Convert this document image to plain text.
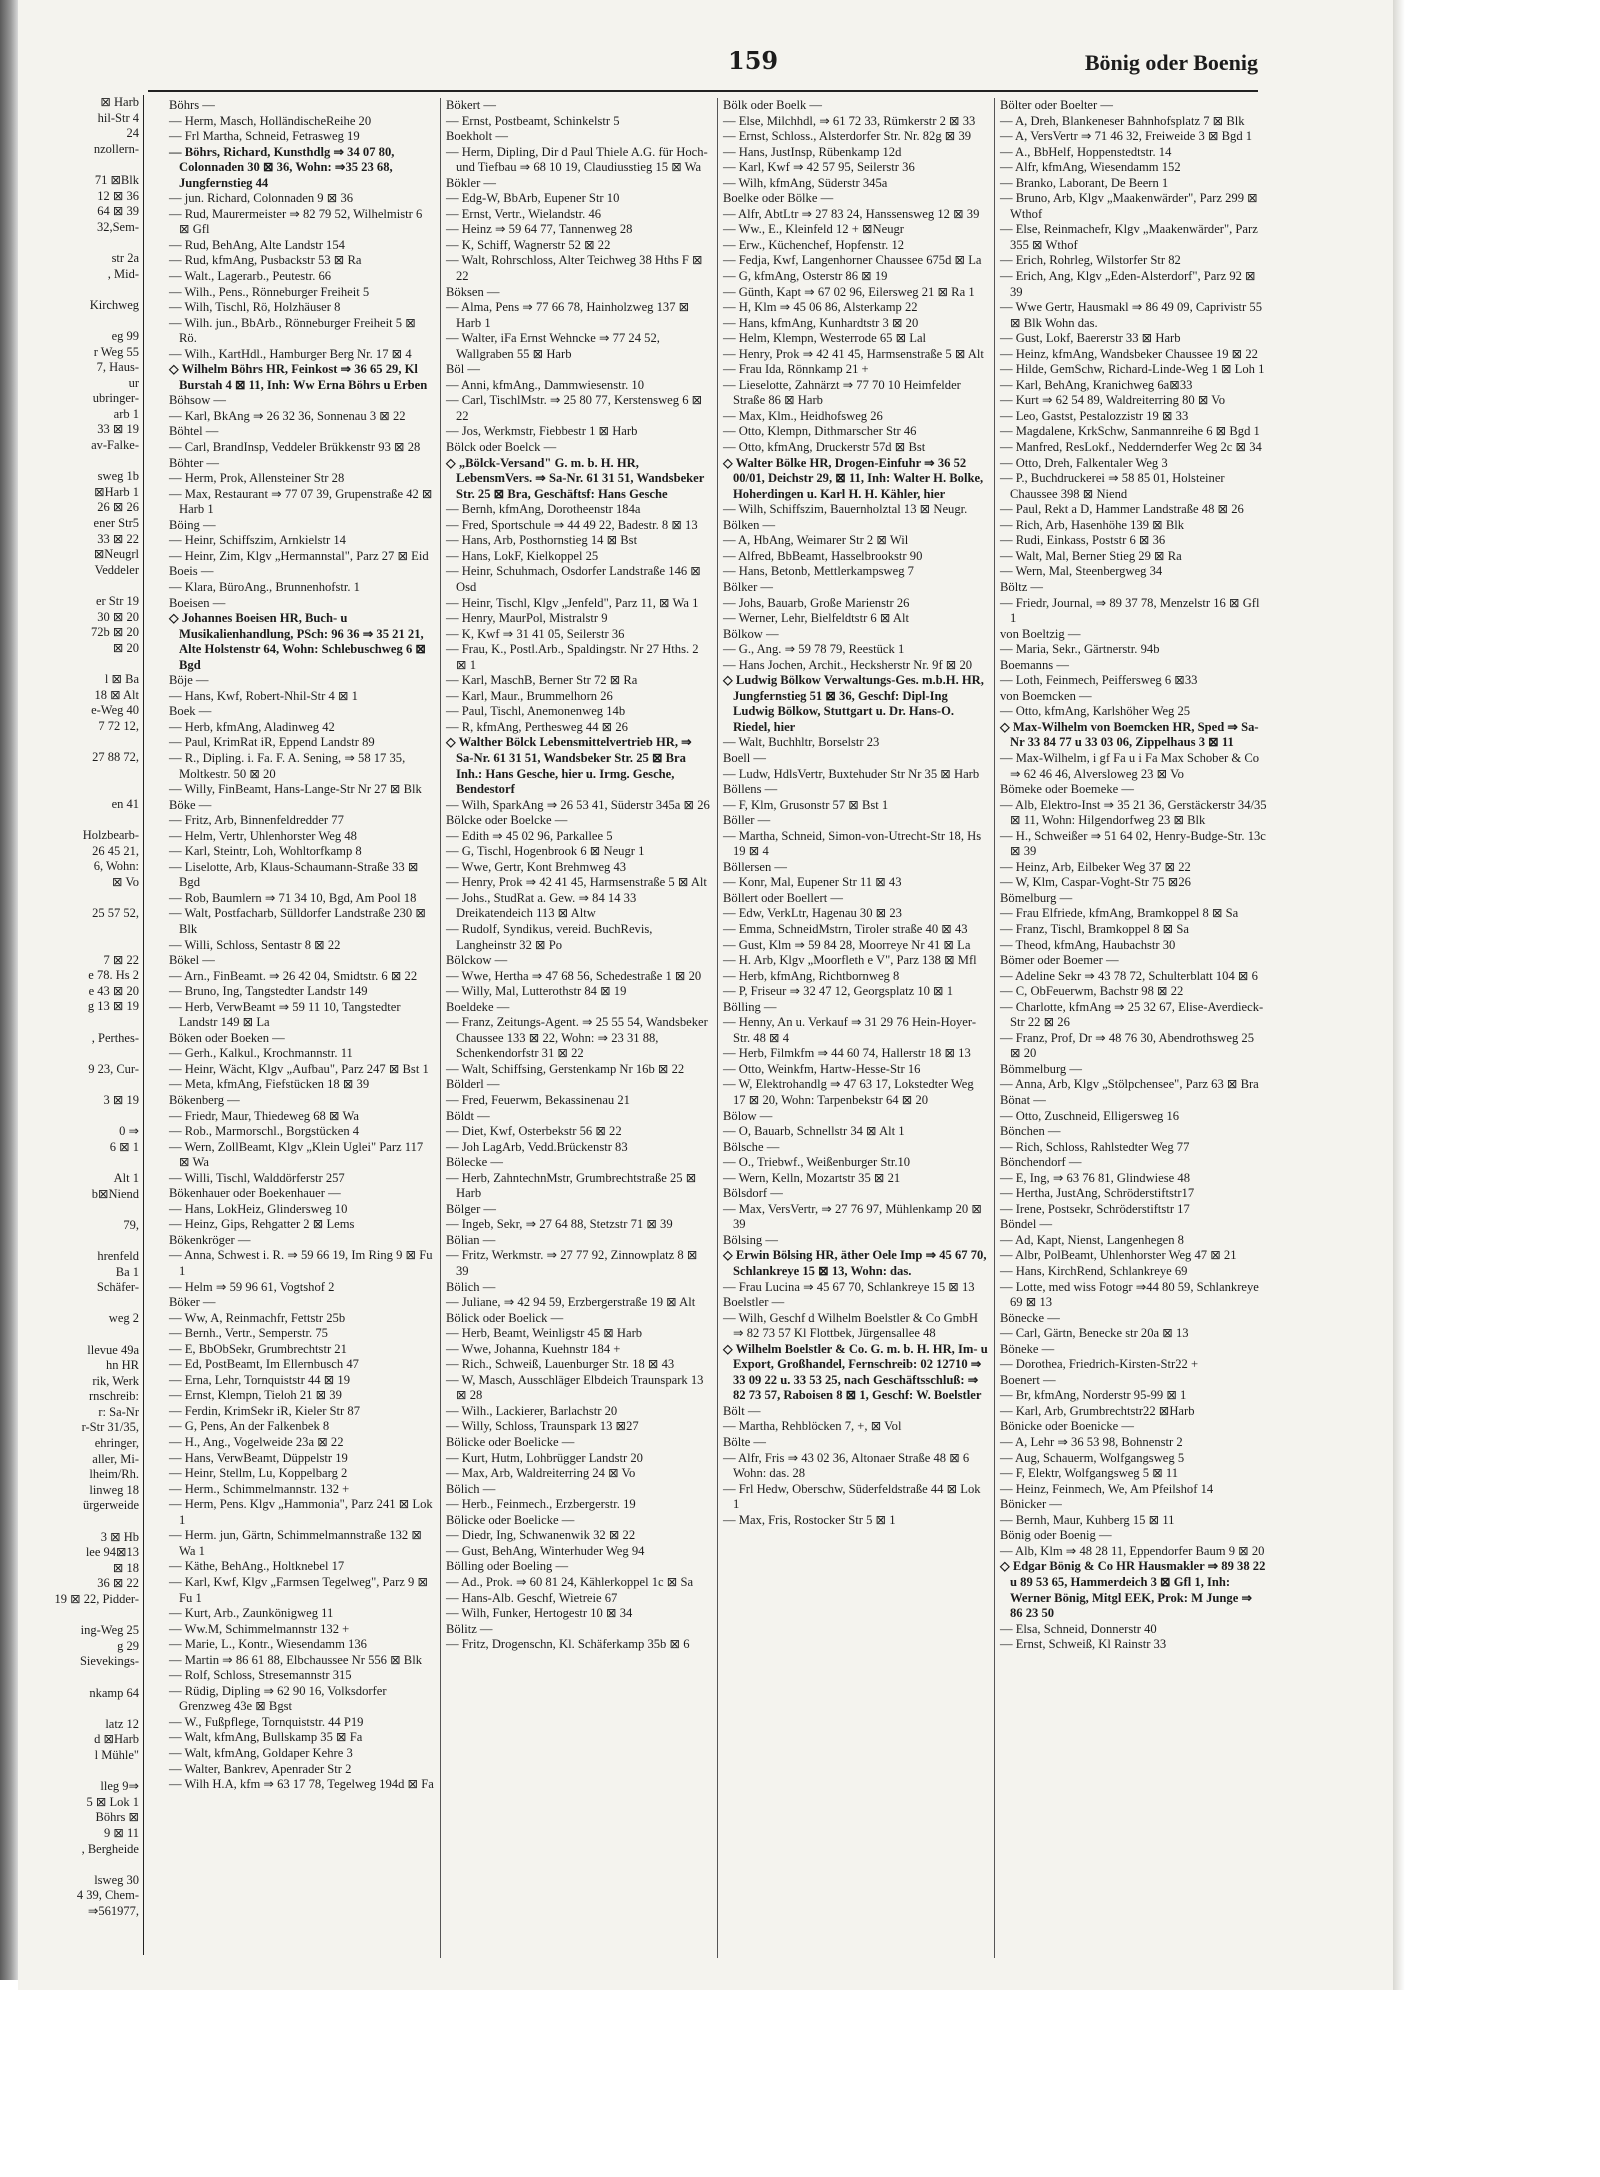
⊠ Harb
hil-Str 4
24
nzollern-

71 ⊠Blk
12 ⊠ 36
64 ⊠ 39
32,Sem-

str 2a
, Mid-

Kirchweg

eg 99
r Weg 55
7, Haus-
ur
ubringer-
arb 1
33 ⊠ 19
av-Falke-

sweg 1b
⊠Harb 1
26 ⊠ 26
ener Str5
33 ⊠ 22
⊠Neugrl
Veddeler

er Str 19
30 ⊠ 20
72b ⊠ 20
⊠ 20

l ⊠ Ba
18 ⊠ Alt
e-Weg 40
7 72 12,

27 88 72,

en 41

Holzbearb-
26 45 21,
6, Wohn:
⊠ Vo

25 57 52,

7 ⊠ 22
e 78. Hs 2
e 43 ⊠ 20
g 13 ⊠ 19

, Perthes-

9 23, Cur-

3 ⊠ 19

0 ⇒
6 ⊠ 1

Alt 1
b⊠Niend

79,

hrenfeld
Ba 1
Schäfer-

weg 2

llevue 49a
hn HR
rik, Werk
rnschreib:
r: Sa-Nr
r-Str 31/35,
ehringer,
aller, Mi-
lheim/Rh.
linweg 18
ürgerweide

3 ⊠ Hb
lee 94⊠13
⊠ 18
36 ⊠ 22
19 ⊠ 22, Pidder-

ing-Weg 25
g 29
Sievekings-

nkamp 64

latz 12
d ⊠Harb
l Mühle"

lleg 9⇒
5 ⊠ Lok 1
Böhrs ⊠
9 ⊠ 11
, Bergheide

lsweg 30
4 39, Chem-
⇒561977,
159	Bönig oder Boenig
Böhrs —
— Herm, Masch, HolländischeReihe 20
— Frl Martha, Schneid, Fetrasweg 19
— Böhrs, Richard, Kunsthdlg ⇒ 34 07 80, Colonnaden 30 ⊠ 36, Wohn: ⇒35 23 68, Jungfernstieg 44
— jun. Richard, Colonnaden 9 ⊠ 36
— Rud, Maurermeister ⇒ 82 79 52, Wilhelmistr 6 ⊠ Gfl
— Rud, BehAng, Alte Landstr 154
— Rud, kfmAng, Pusbackstr 53 ⊠ Ra
— Walt., Lagerarb., Peutestr. 66
— Wilh., Pens., Rönneburger Freiheit 5
— Wilh, Tischl, Rö, Holzhäuser 8
— Wilh. jun., BbArb., Rönneburger Freiheit 5 ⊠ Rö.
— Wilh., KartHdl., Hamburger Berg Nr. 17 ⊠ 4
◇ Wilhelm Böhrs HR, Feinkost ⇒ 36 65 29, Kl Burstah 4 ⊠ 11, Inh: Ww Erna Böhrs u Erben
Böhsow —
— Karl, BkAng ⇒ 26 32 36, Sonnenau 3 ⊠ 22
Böhtel —
— Carl, BrandInsp, Veddeler Brükkenstr 93 ⊠ 28
Böhter —
— Herm, Prok, Allensteiner Str 28
— Max, Restaurant ⇒ 77 07 39, Grupenstraße 42 ⊠ Harb 1
Böing —
— Heinr, Schiffszim, Arnkielstr 14
— Heinr, Zim, Klgv „Hermannstal", Parz 27 ⊠ Eid
Boeis —
— Klara, BüroAng., Brunnenhofstr. 1
Boeisen —
◇ Johannes Boeisen HR, Buch- u Musikalienhandlung, PSch: 96 36 ⇒ 35 21 21, Alte Holstenstr 64, Wohn: Schlebuschweg 6 ⊠ Bgd
Böje —
— Hans, Kwf, Robert-Nhil-Str 4 ⊠ 1
Boek —
— Herb, kfmAng, Aladinweg 42
— Paul, KrimRat iR, Eppend Landstr 89
— R., Dipling. i. Fa. F. A. Sening, ⇒ 58 17 35, Moltkestr. 50 ⊠ 20
— Willy, FinBeamt, Hans-Lange-Str Nr 27 ⊠ Blk
Böke —
— Fritz, Arb, Binnenfeldredder 77
— Helm, Vertr, Uhlenhorster Weg 48
— Karl, Steintr, Loh, Wohltorfkamp 8
— Liselotte, Arb, Klaus-Schaumann-Straße 33 ⊠ Bgd
— Rob, Baumlern ⇒ 71 34 10, Bgd, Am Pool 18
— Walt, Postfacharb, Sülldorfer Landstraße 230 ⊠ Blk
— Willi, Schloss, Sentastr 8 ⊠ 22
Bökel —
— Arn., FinBeamt. ⇒ 26 42 04, Smidtstr. 6 ⊠ 22
— Bruno, Ing, Tangstedter Landstr 149
— Herb, VerwBeamt ⇒ 59 11 10, Tangstedter Landstr 149 ⊠ La
Böken oder Boeken —
— Gerh., Kalkul., Krochmannstr. 11
— Heinr, Wächt, Klgv „Aufbau", Parz 247 ⊠ Bst 1
— Meta, kfmAng, Fiefstücken 18 ⊠ 39
Bökenberg —
— Friedr, Maur, Thiedeweg 68 ⊠ Wa
— Rob., Marmorschl., Borgstücken 4
— Wern, ZollBeamt, Klgv „Klein Uglei" Parz 117 ⊠ Wa
— Willi, Tischl, Walddörferstr 257
Bökenhauer oder Boekenhauer —
— Hans, LokHeiz, Glindersweg 10
— Heinz, Gips, Rehgatter 2 ⊠ Lems
Bökenkröger —
— Anna, Schwest i. R. ⇒ 59 66 19, Im Ring 9 ⊠ Fu 1
— Helm ⇒ 59 96 61, Vogtshof 2
Böker —
— Ww, A, Reinmachfr, Fettstr 25b
— Bernh., Vertr., Semperstr. 75
— E, BbObSekr, Grumbrechtstr 21
— Ed, PostBeamt, Im Ellernbusch 47
— Erna, Lehr, Tornquiststr 44 ⊠ 19
— Ernst, Klempn, Tieloh 21 ⊠ 39
— Ferdin, KrimSekr iR, Kieler Str 87
— G, Pens, An der Falkenbek 8
— H., Ang., Vogelweide 23a ⊠ 22
— Hans, VerwBeamt, Düppelstr 19
— Heinr, Stellm, Lu, Koppelbarg 2
— Herm., Schimmelmannstr. 132 +
— Herm, Pens. Klgv „Hammonia", Parz 241 ⊠ Lok 1
— Herm. jun, Gärtn, Schimmelmannstraße 132 ⊠ Wa 1
— Käthe, BehAng., Holtknebel 17
— Karl, Kwf, Klgv „Farmsen Tegelweg", Parz 9 ⊠ Fu 1
— Kurt, Arb., Zaunkönigweg 11
— Ww.M, Schimmelmannstr 132 +
— Marie, L., Kontr., Wiesendamm 136
— Martin ⇒ 86 61 88, Elbchaussee Nr 556 ⊠ Blk
— Rolf, Schloss, Stresemannstr 315
— Rüdig, Dipling ⇒ 62 90 16, Volksdorfer Grenzweg 43e ⊠ Bgst
— W., Fußpflege, Tornquiststr. 44 P19
— Walt, kfmAng, Bullskamp 35 ⊠ Fa
— Walt, kfmAng, Goldaper Kehre 3
— Walter, Bankrev, Apenrader Str 2
— Wilh H.A, kfm ⇒ 63 17 78, Tegelweg 194d ⊠ Fa
Bökert —
— Ernst, Postbeamt, Schinkelstr 5
Boekholt —
— Herm, Dipling, Dir d Paul Thiele A.G. für Hoch- und Tiefbau ⇒ 68 10 19, Claudiusstieg 15 ⊠ Wa
Bökler —
— Edg-W, BbArb, Eupener Str 10
— Ernst, Vertr., Wielandstr. 46
— Heinz ⇒ 59 64 77, Tannenweg 28
— K, Schiff, Wagnerstr 52 ⊠ 22
— Walt, Rohrschloss, Alter Teichweg 38 Hths F ⊠ 22
Böksen —
— Alma, Pens ⇒ 77 66 78, Hainholzweg 137 ⊠ Harb 1
— Walter, iFa Ernst Wehncke ⇒ 77 24 52, Wallgraben 55 ⊠ Harb
Böl —
— Anni, kfmAng., Dammwiesenstr. 10
— Carl, TischlMstr. ⇒ 25 80 77, Kerstensweg 6 ⊠ 22
— Jos, Werkmstr, Fiebbestr 1 ⊠ Harb
Bölck oder Boelck —
◇ „Bölck-Versand" G. m. b. H. HR, LebensmVers. ⇒ Sa-Nr. 61 31 51, Wandsbeker Str. 25 ⊠ Bra, Geschäftsf: Hans Gesche
— Bernh, kfmAng, Dorotheenstr 184a
— Fred, Sportschule ⇒ 44 49 22, Badestr. 8 ⊠ 13
— Hans, Arb, Posthornstieg 14 ⊠ Bst
— Hans, LokF, Kielkoppel 25
— Heinr, Schuhmach, Osdorfer Landstraße 146 ⊠ Osd
— Heinr, Tischl, Klgv „Jenfeld", Parz 11, ⊠ Wa 1
— Henry, MaurPol, Mistralstr 9
— K, Kwf ⇒ 31 41 05, Seilerstr 36
— Frau, K., Postl.Arb., Spaldingstr. Nr 27 Hths. 2 ⊠ 1
— Karl, MaschB, Berner Str 72 ⊠ Ra
— Karl, Maur., Brummelhorn 26
— Paul, Tischl, Anemonenweg 14b
— R, kfmAng, Perthesweg 44 ⊠ 26
◇ Walther Bölck Lebensmittelvertrieb HR, ⇒ Sa-Nr. 61 31 51, Wandsbeker Str. 25 ⊠ Bra Inh.: Hans Gesche, hier u. Irmg. Gesche, Bendestorf
— Wilh, SparkAng ⇒ 26 53 41, Süderstr 345a ⊠ 26
Bölcke oder Boelcke —
— Edith ⇒ 45 02 96, Parkallee 5
— G, Tischl, Hogenbrook 6 ⊠ Neugr 1
— Wwe, Gertr, Kont Brehmweg 43
— Henry, Prok ⇒ 42 41 45, Harmsenstraße 5 ⊠ Alt
— Johs., StudRat a. Gew. ⇒ 84 14 33 Dreikatendeich 113 ⊠ Altw
— Rudolf, Syndikus, vereid. BuchRevis, Langheinstr 32 ⊠ Po
Bölckow —
— Wwe, Hertha ⇒ 47 68 56, Schedestraße 1 ⊠ 20
— Willy, Mal, Lutterothstr 84 ⊠ 19
Boeldeke —
— Franz, Zeitungs-Agent. ⇒ 25 55 54, Wandsbeker Chaussee 133 ⊠ 22, Wohn: ⇒ 23 31 88, Schenkendorfstr 31 ⊠ 22
— Walt, Schiffsing, Gerstenkamp Nr 16b ⊠ 22
Bölderl —
— Fred, Feuerwm, Bekassinenau 21
Böldt —
— Diet, Kwf, Osterbekstr 56 ⊠ 22
— Joh LagArb, Vedd.Brückenstr 83
Bölecke —
— Herb, ZahntechnMstr, Grumbrechtstraße 25 ⊠ Harb
Bölger —
— Ingeb, Sekr, ⇒ 27 64 88, Stetzstr 71 ⊠ 39
Bölian —
— Fritz, Werkmstr. ⇒ 27 77 92, Zinnowplatz 8 ⊠ 39
Bölich —
— Juliane, ⇒ 42 94 59, Erzbergerstraße 19 ⊠ Alt
Bölick oder Boelick —
— Herb, Beamt, Weinligstr 45 ⊠ Harb
— Wwe, Johanna, Kuehnstr 184 +
— Rich., Schweiß, Lauenburger Str. 18 ⊠ 43
— W, Masch, Ausschläger Elbdeich Traunspark 13 ⊠ 28
— Wilh., Lackierer, Barlachstr 20
— Willy, Schloss, Traunspark 13 ⊠27
Bölicke oder Boelicke —
— Kurt, Hutm, Lohbrügger Landstr 20
— Max, Arb, Waldreiterring 24 ⊠ Vo
Bölich —
— Herb., Feinmech., Erzbergerstr. 19
Bölicke oder Boelicke —
— Diedr, Ing, Schwanenwik 32 ⊠ 22
— Gust, BehAng, Winterhuder Weg 94
Bölling oder Boeling —
— Ad., Prok. ⇒ 60 81 24, Kählerkoppel 1c ⊠ Sa
— Hans-Alb. Geschf, Wietreie 67
— Wilh, Funker, Hertogestr 10 ⊠ 34
Bölitz —
— Fritz, Drogenschn, Kl. Schäferkamp 35b ⊠ 6
Bölk oder Boelk —
— Else, Milchhdl, ⇒ 61 72 33, Rümkerstr 2 ⊠ 33
— Ernst, Schloss., Alsterdorfer Str. Nr. 82g ⊠ 39
— Hans, JustInsp, Rübenkamp 12d
— Karl, Kwf ⇒ 42 57 95, Seilerstr 36
— Wilh, kfmAng, Süderstr 345a
Boelke oder Bölke —
— Alfr, AbtLtr ⇒ 27 83 24, Hanssensweg 12 ⊠ 39
— Ww., E., Kleinfeld 12 + ⊠Neugr
— Erw., Küchenchef, Hopfenstr. 12
— Fedja, Kwf, Langenhorner Chaussee 675d ⊠ La
— G, kfmAng, Osterstr 86 ⊠ 19
— Günth, Kapt ⇒ 67 02 96, Eilersweg 21 ⊠ Ra 1
— H, Klm ⇒ 45 06 86, Alsterkamp 22
— Hans, kfmAng, Kunhardtstr 3 ⊠ 20
— Helm, Klempn, Westerrode 65 ⊠ Lal
— Henry, Prok ⇒ 42 41 45, Harmsenstraße 5 ⊠ Alt
— Frau Ida, Rönnkamp 21 +
— Lieselotte, Zahnärzt ⇒ 77 70 10 Heimfelder Straße 86 ⊠ Harb
— Max, Klm., Heidhofsweg 26
— Otto, Klempn, Dithmarscher Str 46
— Otto, kfmAng, Druckerstr 57d ⊠ Bst
◇ Walter Bölke HR, Drogen-Einfuhr ⇒ 36 52 00/01, Deichstr 29, ⊠ 11, Inh: Walter H. Bolke, Hoherdingen u. Karl H. H. Kähler, hier
— Wilh, Schiffszim, Bauernholztal 13 ⊠ Neugr.
Bölken —
— A, HbAng, Weimarer Str 2 ⊠ Wil
— Alfred, BbBeamt, Hasselbrookstr 90
— Hans, Betonb, Mettlerkampsweg 7
Bölker —
— Johs, Bauarb, Große Marienstr 26
— Werner, Lehr, Bielfeldtstr 6 ⊠ Alt
Bölkow —
— G., Ang. ⇒ 59 78 79, Reestück 1
— Hans Jochen, Archit., Hecksherstr Nr. 9f ⊠ 20
◇ Ludwig Bölkow Verwaltungs-Ges. m.b.H. HR, Jungfernstieg 51 ⊠ 36, Geschf: Dipl-Ing Ludwig Bölkow, Stuttgart u. Dr. Hans-O. Riedel, hier
— Walt, Buchhltr, Borselstr 23
Boell —
— Ludw, HdlsVertr, Buxtehuder Str Nr 35 ⊠ Harb
Böllens —
— F, Klm, Grusonstr 57 ⊠ Bst 1
Böller —
— Martha, Schneid, Simon-von-Utrecht-Str 18, Hs 19 ⊠ 4
Böllersen —
— Konr, Mal, Eupener Str 11 ⊠ 43
Böllert oder Boellert —
— Edw, VerkLtr, Hagenau 30 ⊠ 23
— Emma, SchneidMstrn, Tiroler straße 40 ⊠ 43
— Gust, Klm ⇒ 59 84 28, Moorreye Nr 41 ⊠ La
— H. Arb, Klgv „Moorfleth e V", Parz 138 ⊠ Mfl
— Herb, kfmAng, Richtbornweg 8
— P, Friseur ⇒ 32 47 12, Georgsplatz 10 ⊠ 1
Bölling —
— Henny, An u. Verkauf ⇒ 31 29 76 Hein-Hoyer-Str. 48 ⊠ 4
— Herb, Filmkfm ⇒ 44 60 74, Hallerstr 18 ⊠ 13
— Otto, Weinkfm, Hartw-Hesse-Str 16
— W, Elektrohandlg ⇒ 47 63 17, Lokstedter Weg 17 ⊠ 20, Wohn: Tarpenbekstr 64 ⊠ 20
Bölow —
— O, Bauarb, Schnellstr 34 ⊠ Alt 1
Bölsche —
— O., Triebwf., Weißenburger Str.10
— Wern, Kelln, Mozartstr 35 ⊠ 21
Bölsdorf —
— Max, VersVertr, ⇒ 27 76 97, Mühlenkamp 20 ⊠ 39
Bölsing —
◇ Erwin Bölsing HR, äther Oele Imp ⇒ 45 67 70, Schlankreye 15 ⊠ 13, Wohn: das.
— Frau Lucina ⇒ 45 67 70, Schlankreye 15 ⊠ 13
Boelstler —
— Wilh, Geschf d Wilhelm Boelstler & Co GmbH ⇒ 82 73 57 Kl Flottbek, Jürgensallee 48
◇ Wilhelm Boelstler & Co. G. m. b. H. HR, Im- u Export, Großhandel, Fernschreib: 02 12710 ⇒ 33 09 22 u. 33 53 25, nach Geschäftsschluß: ⇒ 82 73 57, Raboisen 8 ⊠ 1, Geschf: W. Boelstler
Bölt —
— Martha, Rehblöcken 7, +, ⊠ Vol
Bölte —
— Alfr, Fris ⇒ 43 02 36, Altonaer Straße 48 ⊠ 6 Wohn: das. 28
— Frl Hedw, Oberschw, Süderfeldstraße 44 ⊠ Lok 1
— Max, Fris, Rostocker Str 5 ⊠ 1
Bölter oder Boelter —
— A, Dreh, Blankeneser Bahnhofsplatz 7 ⊠ Blk
— A, VersVertr ⇒ 71 46 32, Freiweide 3 ⊠ Bgd 1
— A., BbHelf, Hoppenstedtstr. 14
— Alfr, kfmAng, Wiesendamm 152
— Branko, Laborant, De Beern 1
— Bruno, Arb, Klgv „Maakenwärder", Parz 299 ⊠ Wthof
— Else, Reinmachefr, Klgv „Maakenwärder", Parz 355 ⊠ Wthof
— Erich, Rohrleg, Wilstorfer Str 82
— Erich, Ang, Klgv „Eden-Alsterdorf", Parz 92 ⊠ 39
— Wwe Gertr, Hausmakl ⇒ 86 49 09, Caprivistr 55 ⊠ Blk Wohn das.
— Gust, Lokf, Baererstr 33 ⊠ Harb
— Heinz, kfmAng, Wandsbeker Chaussee 19 ⊠ 22
— Hilde, GemSchw, Richard-Linde-Weg 1 ⊠ Loh 1
— Karl, BehAng, Kranichweg 6a⊠33
— Kurt ⇒ 62 54 89, Waldreiterring 80 ⊠ Vo
— Leo, Gastst, Pestalozzistr 19 ⊠ 33
— Magdalene, KrkSchw, Sanmannreihe 6 ⊠ Bgd 1
— Manfred, ResLokf., Neddernderfer Weg 2c ⊠ 34
— Otto, Dreh, Falkentaler Weg 3
— P., Buchdruckerei ⇒ 58 85 01, Holsteiner Chaussee 398 ⊠ Niend
— Paul, Rekt a D, Hammer Landstraße 48 ⊠ 26
— Rich, Arb, Hasenhöhe 139 ⊠ Blk
— Rudi, Einkass, Poststr 6 ⊠ 36
— Walt, Mal, Berner Stieg 29 ⊠ Ra
— Wern, Mal, Steenbergweg 34
Böltz —
— Friedr, Journal, ⇒ 89 37 78, Menzelstr 16 ⊠ Gfl 1
von Boeltzig —
— Maria, Sekr., Gärtnerstr. 94b
Boemanns —
— Loth, Feinmech, Peiffersweg 6 ⊠33
von Boemcken —
— Otto, kfmAng, Karlshöher Weg 25
◇ Max-Wilhelm von Boemcken HR, Sped ⇒ Sa-Nr 33 84 77 u 33 03 06, Zippelhaus 3 ⊠ 11
— Max-Wilhelm, i gf Fa u i Fa Max Schober & Co ⇒ 62 46 46, Alversloweg 23 ⊠ Vo
Bömeke oder Boemeke —
— Alb, Elektro-Inst ⇒ 35 21 36, Gerstäckerstr 34/35 ⊠ 11, Wohn: Hilgendorfweg 23 ⊠ Blk
— H., Schweißer ⇒ 51 64 02, Henry-Budge-Str. 13c ⊠ 39
— Heinz, Arb, Eilbeker Weg 37 ⊠ 22
— W, Klm, Caspar-Voght-Str 75 ⊠26
Bömelburg —
— Frau Elfriede, kfmAng, Bramkoppel 8 ⊠ Sa
— Franz, Tischl, Bramkoppel 8 ⊠ Sa
— Theod, kfmAng, Haubachstr 30
Bömer oder Boemer —
— Adeline Sekr ⇒ 43 78 72, Schulterblatt 104 ⊠ 6
— C, ObFeuerwm, Bachstr 98 ⊠ 22
— Charlotte, kfmAng ⇒ 25 32 67, Elise-Averdieck-Str 22 ⊠ 26
— Franz, Prof, Dr ⇒ 48 76 30, Abendrothsweg 25 ⊠ 20
Bömmelburg —
— Anna, Arb, Klgv „Stölpchensee", Parz 63 ⊠ Bra
Bönat —
— Otto, Zuschneid, Elligersweg 16
Bönchen —
— Rich, Schloss, Rahlstedter Weg 77
Bönchendorf —
— E, Ing, ⇒ 63 76 81, Glindwiese 48
— Hertha, JustAng, Schröderstiftstr17
— Irene, Postsekr, Schröderstiftstr 17
Böndel —
— Ad, Kapt, Nienst, Langenhegen 8
— Albr, PolBeamt, Uhlenhorster Weg 47 ⊠ 21
— Hans, KirchRend, Schlankreye 69
— Lotte, med wiss Fotogr ⇒44 80 59, Schlankreye 69 ⊠ 13
Bönecke —
— Carl, Gärtn, Benecke str 20a ⊠ 13
Böneke —
— Dorothea, Friedrich-Kirsten-Str22 +
Boenert —
— Br, kfmAng, Norderstr 95-99 ⊠ 1
— Karl, Arb, Grumbrechtstr22 ⊠Harb
Bönicke oder Boenicke —
— A, Lehr ⇒ 36 53 98, Bohnenstr 2
— Aug, Schauerm, Wolfgangsweg 5
— F, Elektr, Wolfgangsweg 5 ⊠ 11
— Heinz, Feinmech, We, Am Pfeilshof 14
Bönicker —
— Bernh, Maur, Kuhberg 15 ⊠ 11
Bönig oder Boenig —
— Alb, Klm ⇒ 48 28 11, Eppendorfer Baum 9 ⊠ 20
◇ Edgar Bönig & Co HR Hausmakler ⇒ 89 38 22 u 89 53 65, Hammerdeich 3 ⊠ Gfl 1, Inh: Werner Bönig, Mitgl EEK, Prok: M Junge ⇒ 86 23 50
— Elsa, Schneid, Donnerstr 40
— Ernst, Schweiß, Kl Rainstr 33
